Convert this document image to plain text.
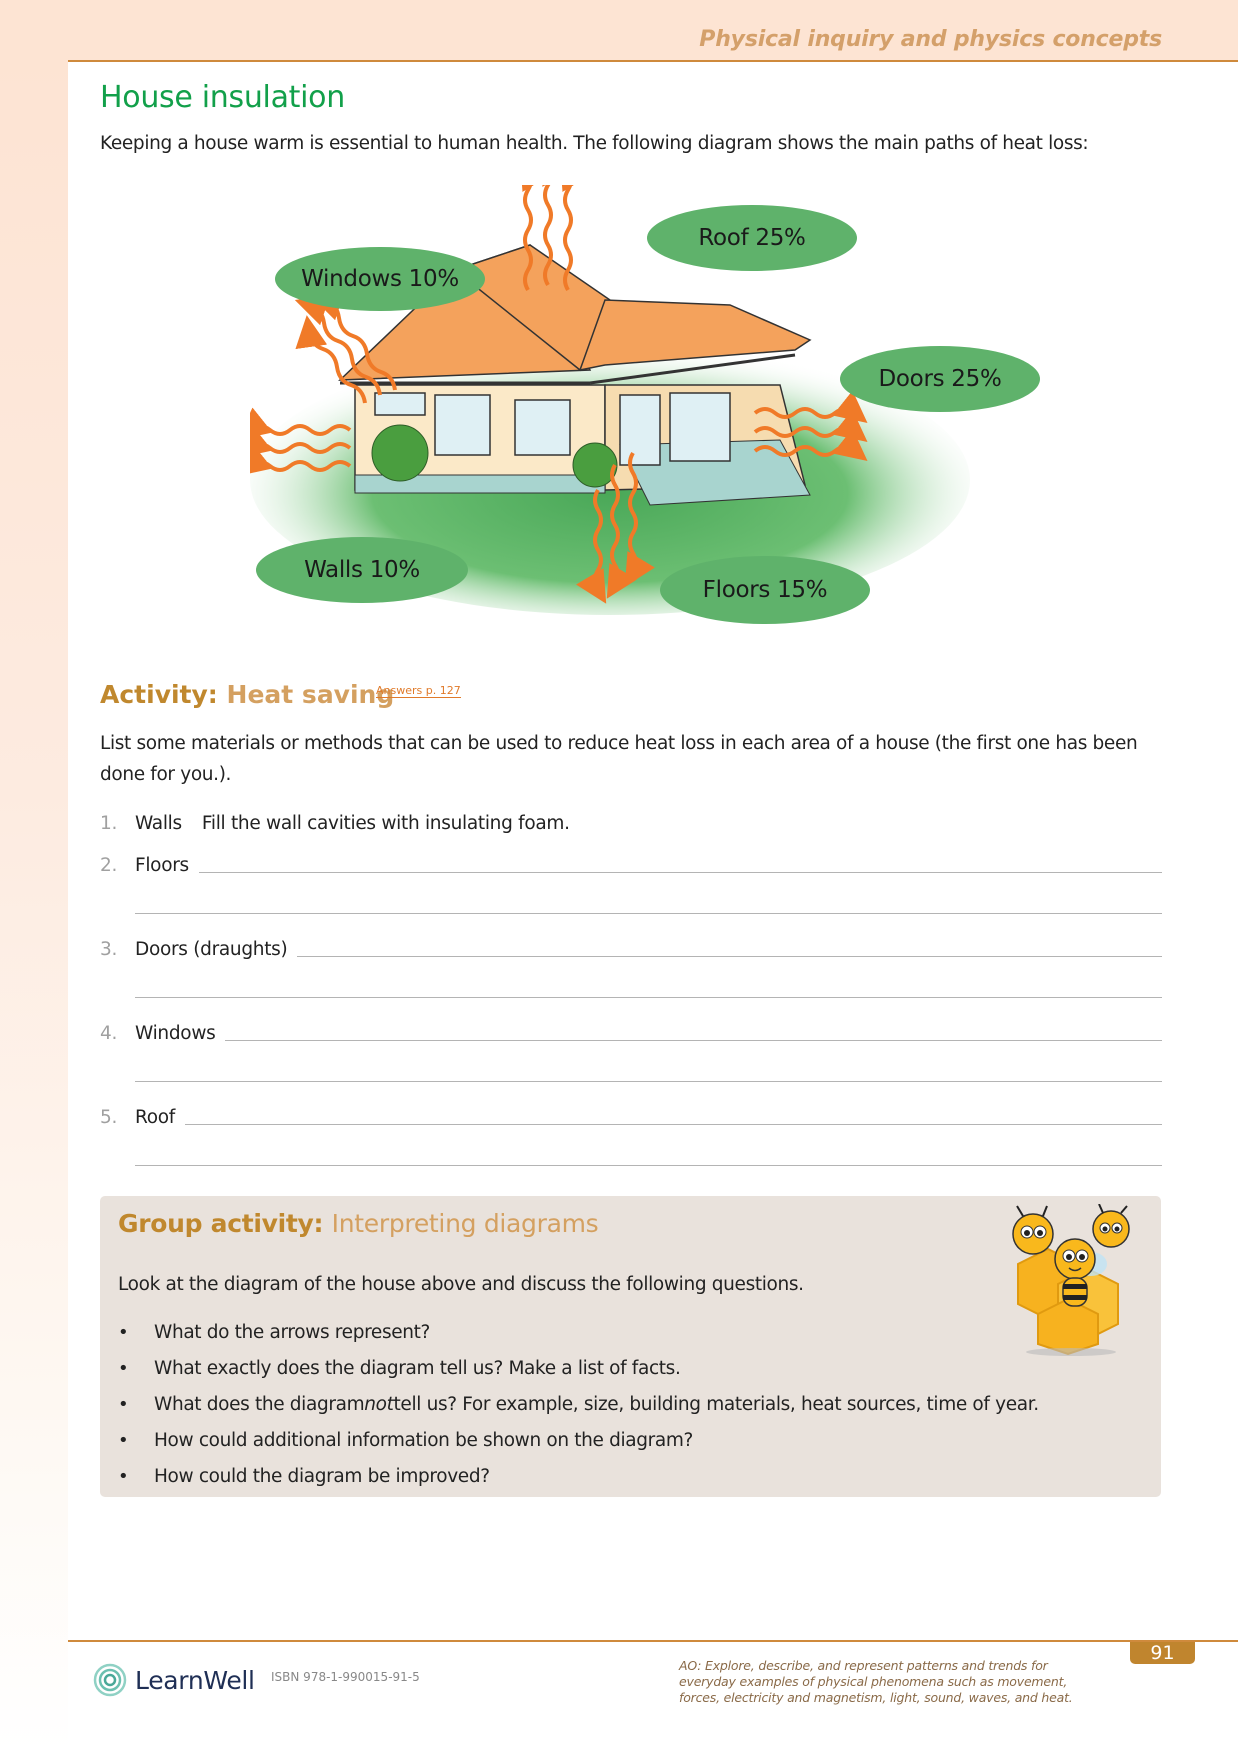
Physical inquiry and physics concepts
House insulation
Keeping a house warm is essential to human health. The following diagram shows the main paths of heat loss:
Roof 25%
Windows 10%
Doors 25%
Walls 10%
Floors 15%
Activity: Heat saving
Answers p. 127
List some materials or methods that can be used to reduce heat loss in each area of a house (the first one has been done for you.).
1. Walls Fill the wall cavities with insulating foam.
2. Floors
3. Doors (draughts)
4. Windows
5. Roof
Group activity: Interpreting diagrams
Look at the diagram of the house above and discuss the following questions.
•	What do the arrows represent?
•	What exactly does the diagram tell us? Make a list of facts.
•	What does the diagram not tell us? For example, size, building materials, heat sources, time of year.
•	How could additional information be shown on the diagram?
•	How could the diagram be improved?
91
LearnWell ISBN 978-1-990015-91-5
AO: Explore, describe, and represent patterns and trends for everyday examples of physical phenomena such as movement, forces, electricity and magnetism, light, sound, waves, and heat.
